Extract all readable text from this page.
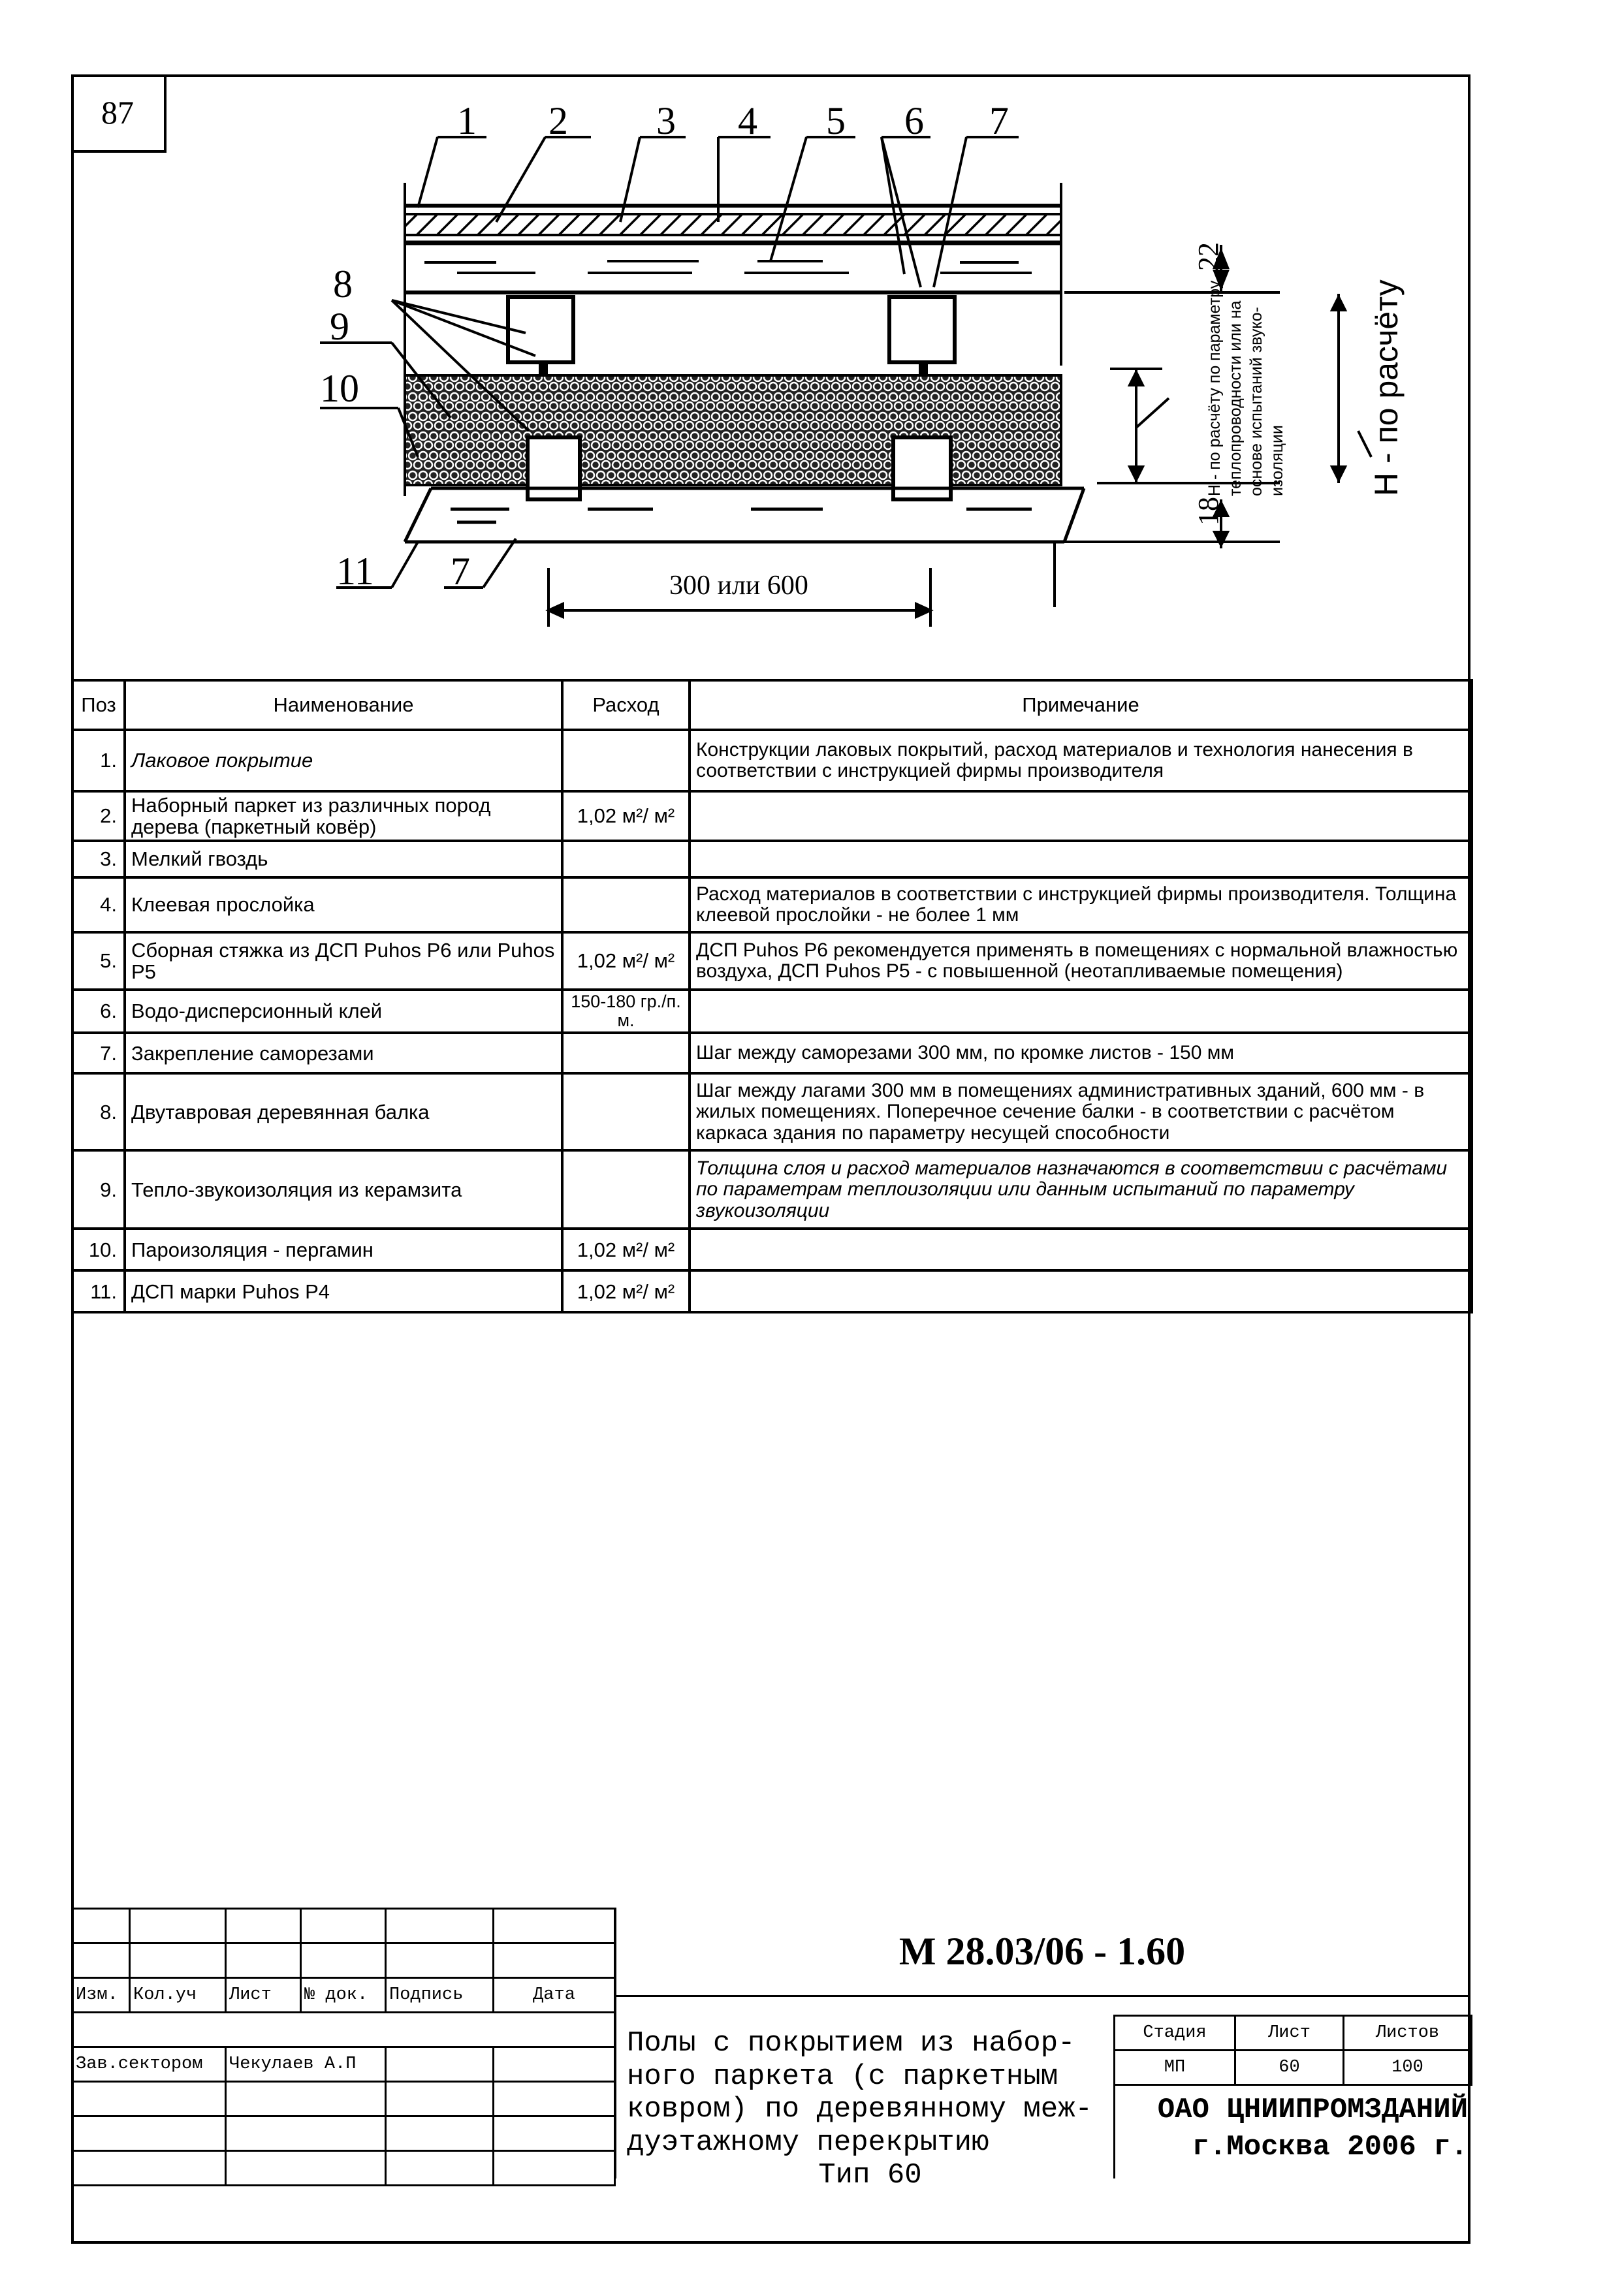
87	1 2 3 4 5 6 7
8
9
10
11 7
22
18
300 или 600
Н - по расчёту по параметру теплопроводности или на основе испытаний звуко- изоляции	Н - по расчёту
Поз	Наименование	Расход	Примечание
1.	Лаковое покрытие		Конструкции лаковых покрытий, расход материалов и технология нанесения в соответствии с инструкцией фирмы производителя
2.	Наборный паркет из различных пород дерева (паркетный ковёр)	1,02 м²/ м²	
3.	Мелкий гвоздь		
4.	Клеевая прослойка		Расход материалов в соответствии с инструкцией фирмы производителя. Толщина клеевой прослойки - не более 1 мм
5.	Сборная стяжка из ДСП Puhos P6 или Puhos P5	1,02 м²/ м²	ДСП Puhos P6 рекомендуется применять в помещениях с нормальной влажностью воздуха, ДСП Puhos P5 - с повышенной (неотапливаемые помещения)
6.	Водо-дисперсионный клей	150-180 гр./п. м.	
7.	Закрепление саморезами		Шаг между саморезами 300 мм, по кромке листов - 150 мм
8.	Двутавровая деревянная балка		Шаг между лагами 300 мм в помещениях административных зданий, 600 мм - в жилых помещениях. Поперечное сечение балки - в соответствии с расчётом каркаса здания по параметру несущей способности
9.	Тепло-звукоизоляция из керамзита		Толщина слоя и расход материалов назначаются в соответствии с расчётами по параметрам теплоизоляции или данным испытаний по параметру звукоизоляции
10.	Пароизоляция - пергамин	1,02 м²/ м²	
11.	ДСП марки Puhos P4	1,02 м²/ м²	

Изм.	Кол.уч	Лист	№ док.	Подпись	Дата

Зав.сектором		Чекулаев А.П			

М 28.03/06 - 1.60
Полы с покрытием из набор-
ного паркета (с паркетным
ковром) по деревянному меж-
дуэтажному перекрытию
Тип 60
Стадия	Лист	Листов
МП	60	100
ОАО ЦНИИПРОМЗДАНИЙ
г.Москва 2006 г.
